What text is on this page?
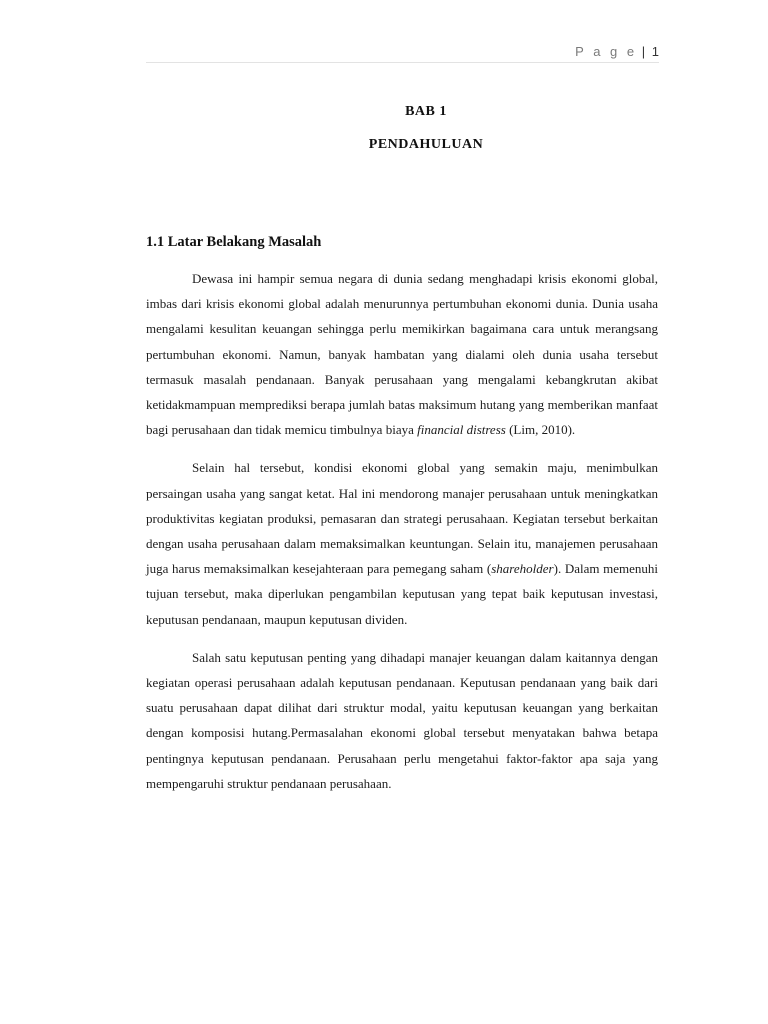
P a g e | 1
BAB 1
PENDAHULUAN
1.1 Latar Belakang Masalah

Dewasa ini hampir semua negara di dunia sedang menghadapi krisis ekonomi global, imbas dari krisis ekonomi global adalah menurunnya pertumbuhan ekonomi dunia. Dunia usaha mengalami kesulitan keuangan sehingga perlu memikirkan bagaimana cara untuk merangsang pertumbuhan ekonomi. Namun, banyak hambatan yang dialami oleh dunia usaha tersebut termasuk masalah pendanaan. Banyak perusahaan yang mengalami kebangkrutan akibat ketidakmampuan memprediksi berapa jumlah batas maksimum hutang yang memberikan manfaat bagi perusahaan dan tidak memicu timbulnya biaya financial distress (Lim, 2010).

Selain hal tersebut, kondisi ekonomi global yang semakin maju, menimbulkan persaingan usaha yang sangat ketat. Hal ini mendorong manajer perusahaan untuk meningkatkan produktivitas kegiatan produksi, pemasaran dan strategi perusahaan. Kegiatan tersebut berkaitan dengan usaha perusahaan dalam memaksimalkan keuntungan. Selain itu, manajemen perusahaan juga harus memaksimalkan kesejahteraan para pemegang saham (shareholder). Dalam memenuhi tujuan tersebut, maka diperlukan pengambilan keputusan yang tepat baik keputusan investasi, keputusan pendanaan, maupun keputusan dividen.

Salah satu keputusan penting yang dihadapi manajer keuangan dalam kaitannya dengan kegiatan operasi perusahaan adalah keputusan pendanaan. Keputusan pendanaan yang baik dari suatu perusahaan dapat dilihat dari struktur modal, yaitu keputusan keuangan yang berkaitan dengan komposisi hutang.Permasalahan ekonomi global tersebut menyatakan bahwa betapa pentingnya keputusan pendanaan. Perusahaan perlu mengetahui faktor-faktor apa saja yang mempengaruhi struktur pendanaan perusahaan.
